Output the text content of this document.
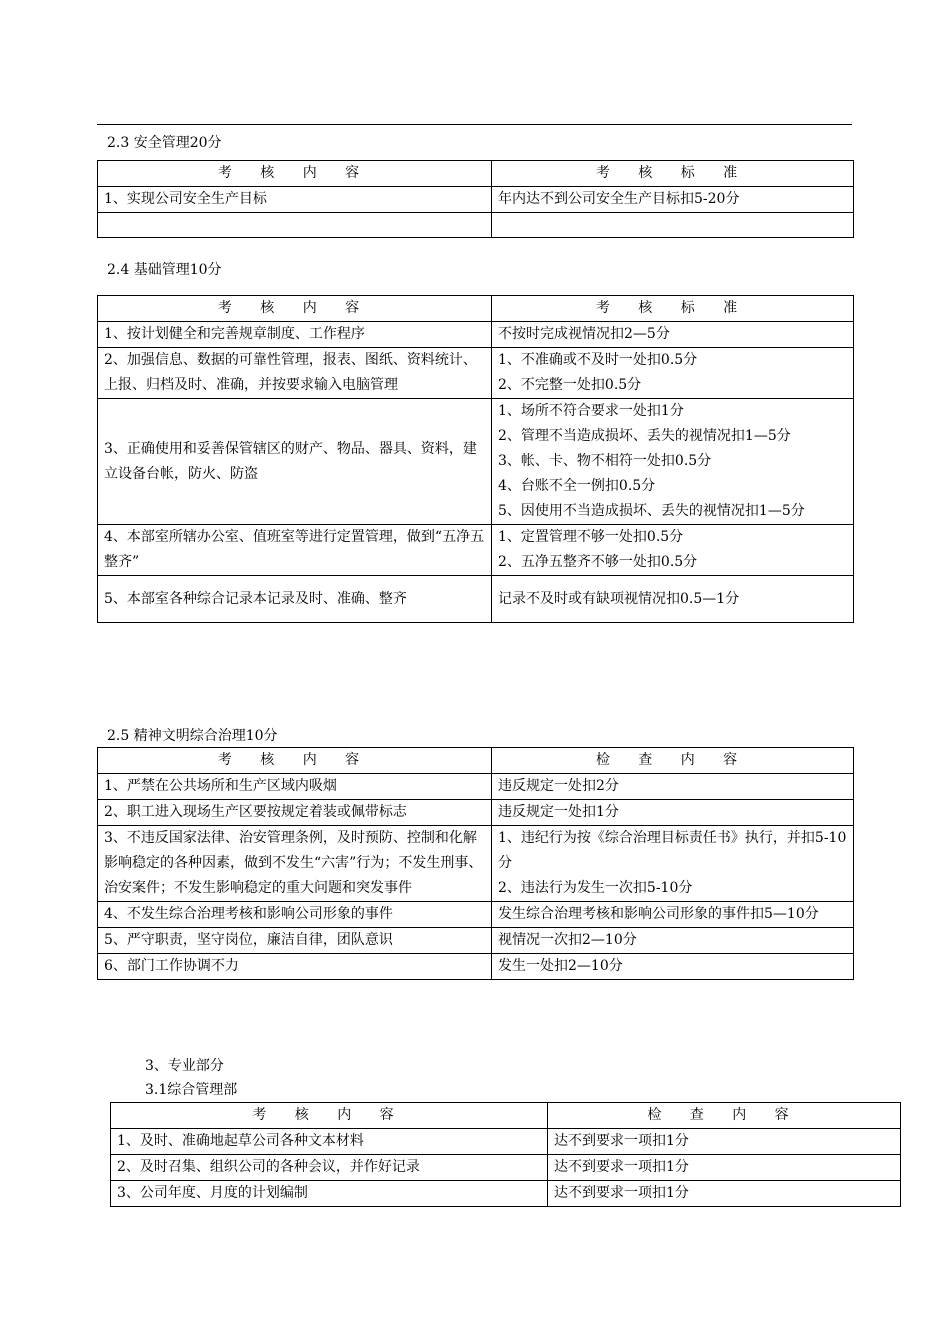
2.3 安全管理20分
考 核 内 容	考 核 标 准
1、实现公司安全生产目标	年内达不到公司安全生产目标扣5-20分

2.4 基础管理10分
考 核 内 容	考 核 标 准
1、按计划健全和完善规章制度、工作程序	不按时完成视情况扣2—5分

2、加强信息、数据的可靠性管理，报表、图纸、资料统计、上报、归档及时、准确，并按要求输入电脑管理	1、不准确或不及时一处扣0.5分
2、不完整一处扣0.5分

3、正确使用和妥善保管辖区的财产、物品、器具、资料，建立设备台帐，防火、防盗	1、场所不符合要求一处扣1分
2、管理不当造成损坏、丢失的视情况扣1—5分
3、帐、卡、物不相符一处扣0.5分
4、台账不全一例扣0.5分
5、因使用不当造成损坏、丢失的视情况扣1—5分

4、本部室所辖办公室、值班室等进行定置管理，做到“五净五整齐”	1、定置管理不够一处扣0.5分
2、五净五整齐不够一处扣0.5分

5、本部室各种综合记录本记录及时、准确、整齐	记录不及时或有缺项视情况扣0.5—1分
2.5 精神文明综合治理10分
考 核 内 容	检 查 内 容
1、严禁在公共场所和生产区域内吸烟	违反规定一处扣2分

2、职工进入现场生产区要按规定着装或佩带标志	违反规定一处扣1分

3、不违反国家法律、治安管理条例，及时预防、控制和化解影响稳定的各种因素，做到不发生“六害”行为；不发生刑事、治安案件；不发生影响稳定的重大问题和突发事件	1、违纪行为按《综合治理目标责任书》执行，并扣5-10分
2、违法行为发生一次扣5-10分

4、不发生综合治理考核和影响公司形象的事件	发生综合治理考核和影响公司形象的事件扣5—10分

5、严守职责，坚守岗位，廉洁自律，团队意识	视情况一次扣2—10分

6、部门工作协调不力	发生一处扣2—10分
3、专业部分
3.1综合管理部
考 核 内 容	检 查 内 容
1、及时、准确地起草公司各种文本材料	达不到要求一项扣1分
2、及时召集、组织公司的各种会议，并作好记录	达不到要求一项扣1分
3、公司年度、月度的计划编制	达不到要求一项扣1分
